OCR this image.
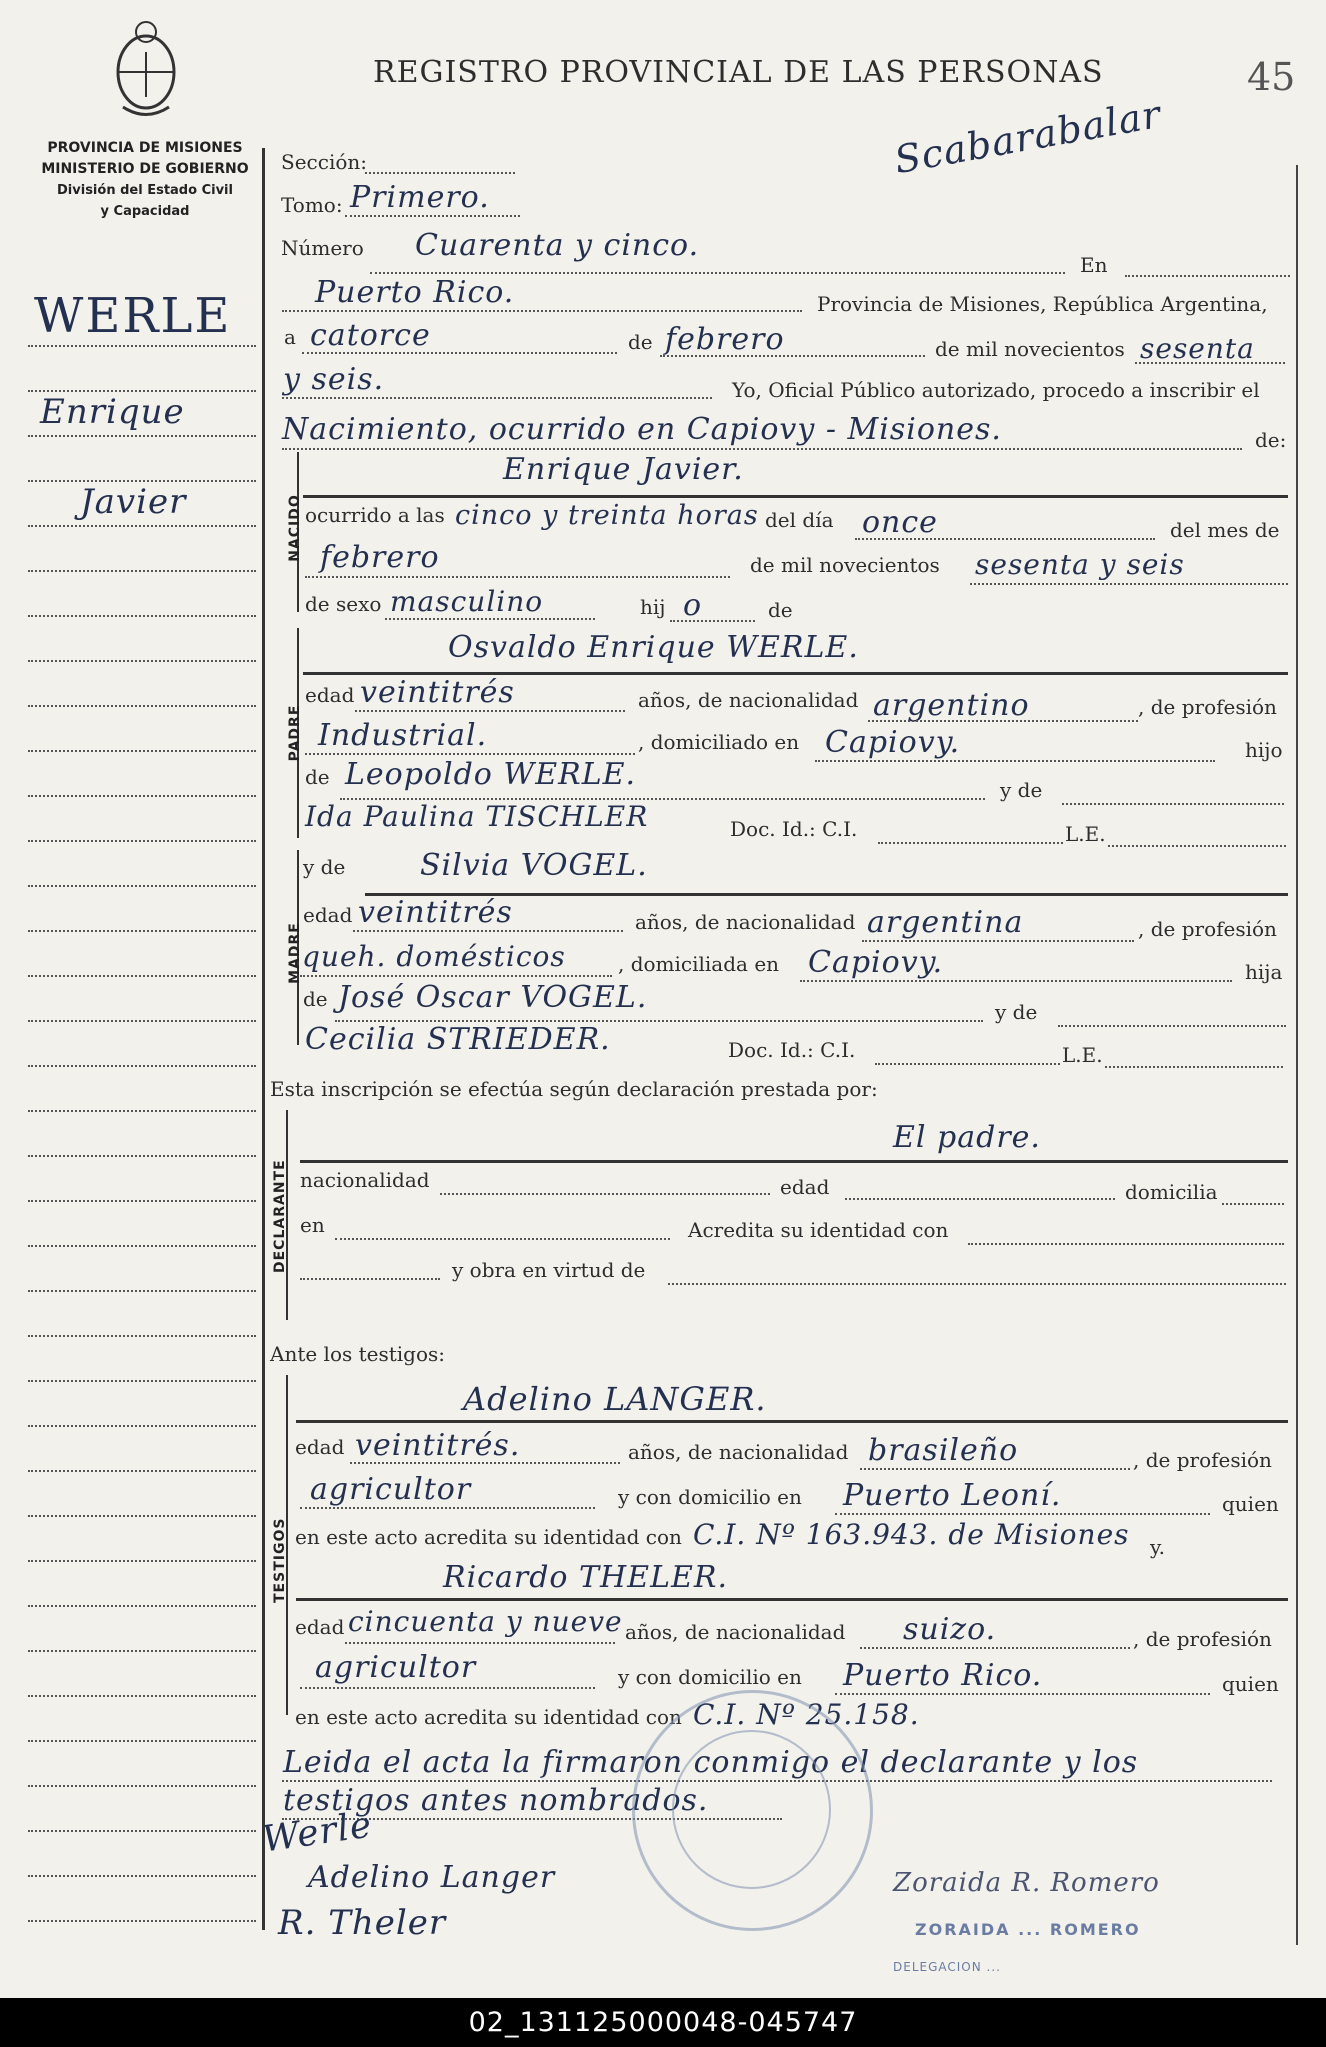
PROVINCIA DE MISIONES
MINISTERIO DE GOBIERNO
División del Estado Civil
y Capacidad
REGISTRO PROVINCIAL DE LAS PERSONAS	45
Scabarabalar
WERLE
Enrique
Javier
Sección:
Tomo: Primero.
Número Cuarenta y cinco.
En
Puerto Rico.	Provincia de Misiones, República Argentina,
a catorce	de febrero	de mil novecientos sesenta
y seis.	Yo, Oficial Público autorizado, procedo a inscribir el
Nacimiento, ocurrido en Capiovy - Misiones.	de:
NACIDO
Enrique Javier.
ocurrido a las cinco y treinta horas del día once	del mes de
febrero	de mil novecientos sesenta y seis
de sexo masculino	hij o	de
PADRE
Osvaldo Enrique WERLE.
edad veintitrés	años, de nacionalidad argentino	, de profesión
Industrial.	, domiciliado en Capiovy.	hijo
de Leopoldo WERLE.	y de
Ida Paulina TISCHLER	Doc. Id.: C.I.	L.E.
MADRE
y de Silvia VOGEL.
edad veintitrés	años, de nacionalidad argentina	, de profesión
queh. domésticos	, domiciliada en Capiovy.	hija
de José Oscar VOGEL.	y de
Cecilia STRIEDER.	Doc. Id.: C.I.	L.E.
Esta inscripción se efectúa según declaración prestada por:
DECLARANTE
El padre.
nacionalidad	edad	domicilia
en	Acredita su identidad con
y obra en virtud de
Ante los testigos:
TESTIGOS
Adelino LANGER.
edad veintitrés.	años, de nacionalidad brasileño	, de profesión
agricultor	y con domicilio en Puerto Leoní.	quien
en este acto acredita su identidad con C.I. Nº 163.943. de Misiones y.
Ricardo THELER.
edad cincuenta y nueve años, de nacionalidad suizo.	, de profesión
agricultor	y con domicilio en Puerto Rico.	quien
en este acto acredita su identidad con C.I. Nº 25.158.
Leida el acta la firmaron conmigo el declarante y los
testigos antes nombrados.
Werle
Adelino Langer
R. Theler
Zoraida R. Romero
ZORAIDA ... ROMERO
DELEGACION ...
02_131125000048-045747
